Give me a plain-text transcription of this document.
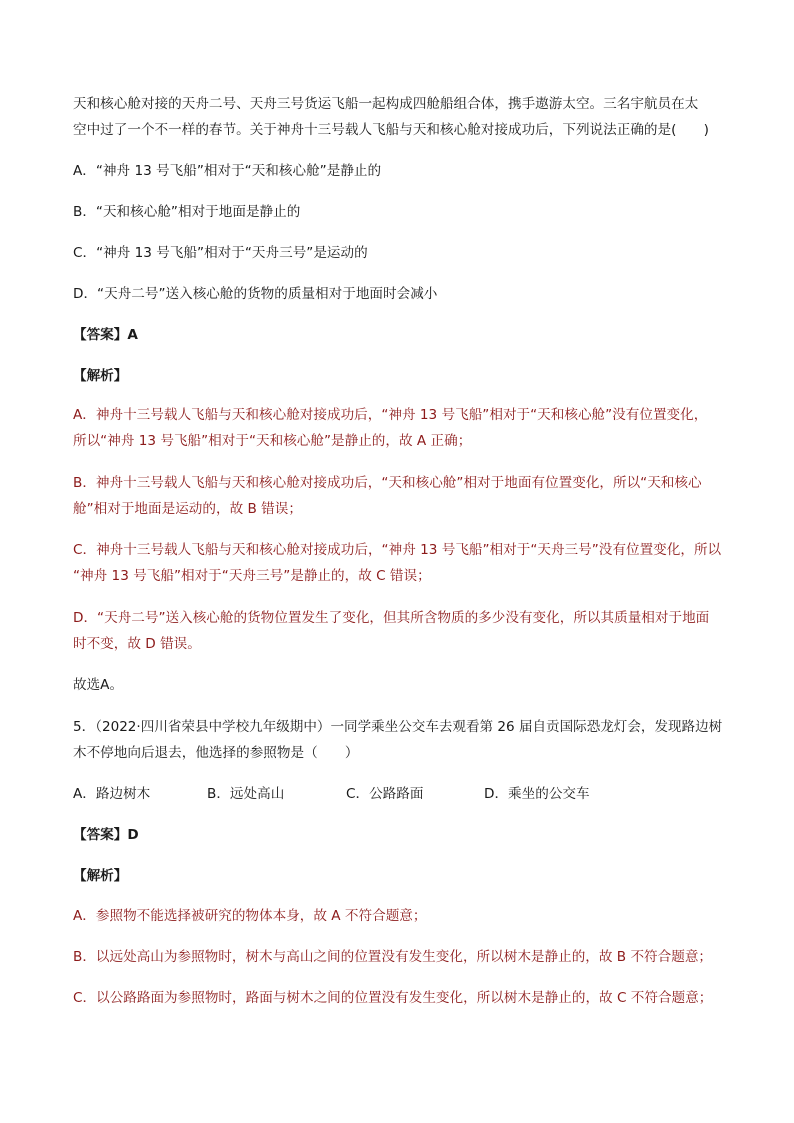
天和核心舱对接的天舟二号、天舟三号货运飞船一起构成四舱船组合体，携手遨游太空。三名宇航员在太
空中过了一个不一样的春节。关于神舟十三号载人飞船与天和核心舱对接成功后，下列说法正确的是(　　)
A．“神舟 13 号飞船”相对于“天和核心舱”是静止的
B．“天和核心舱”相对于地面是静止的
C．“神舟 13 号飞船”相对于“天舟三号”是运动的
D．“天舟二号”送入核心舱的货物的质量相对于地面时会减小
【答案】A
【解析】
A．神舟十三号载人飞船与天和核心舱对接成功后，“神舟 13 号飞船”相对于“天和核心舱”没有位置变化，
所以“神舟 13 号飞船”相对于“天和核心舱”是静止的，故 A 正确；
B．神舟十三号载人飞船与天和核心舱对接成功后，“天和核心舱”相对于地面有位置变化，所以“天和核心
舱”相对于地面是运动的，故 B 错误；
C．神舟十三号载人飞船与天和核心舱对接成功后，“神舟 13 号飞船”相对于“天舟三号”没有位置变化，所以
“神舟 13 号飞船”相对于“天舟三号”是静止的，故 C 错误；
D．“天舟二号”送入核心舱的货物位置发生了变化，但其所含物质的多少没有变化，所以其质量相对于地面
时不变，故 D 错误。
故选A。
5．（2022·四川省荣县中学校九年级期中）一同学乘坐公交车去观看第 26 届自贡国际恐龙灯会，发现路边树
木不停地向后退去，他选择的参照物是（　　）
A．路边树木	B．远处高山	C．公路路面	D．乘坐的公交车
【答案】D
【解析】
A．参照物不能选择被研究的物体本身，故 A 不符合题意；
B．以远处高山为参照物时，树木与高山之间的位置没有发生变化，所以树木是静止的，故 B 不符合题意；
C．以公路路面为参照物时，路面与树木之间的位置没有发生变化，所以树木是静止的，故 C 不符合题意；
